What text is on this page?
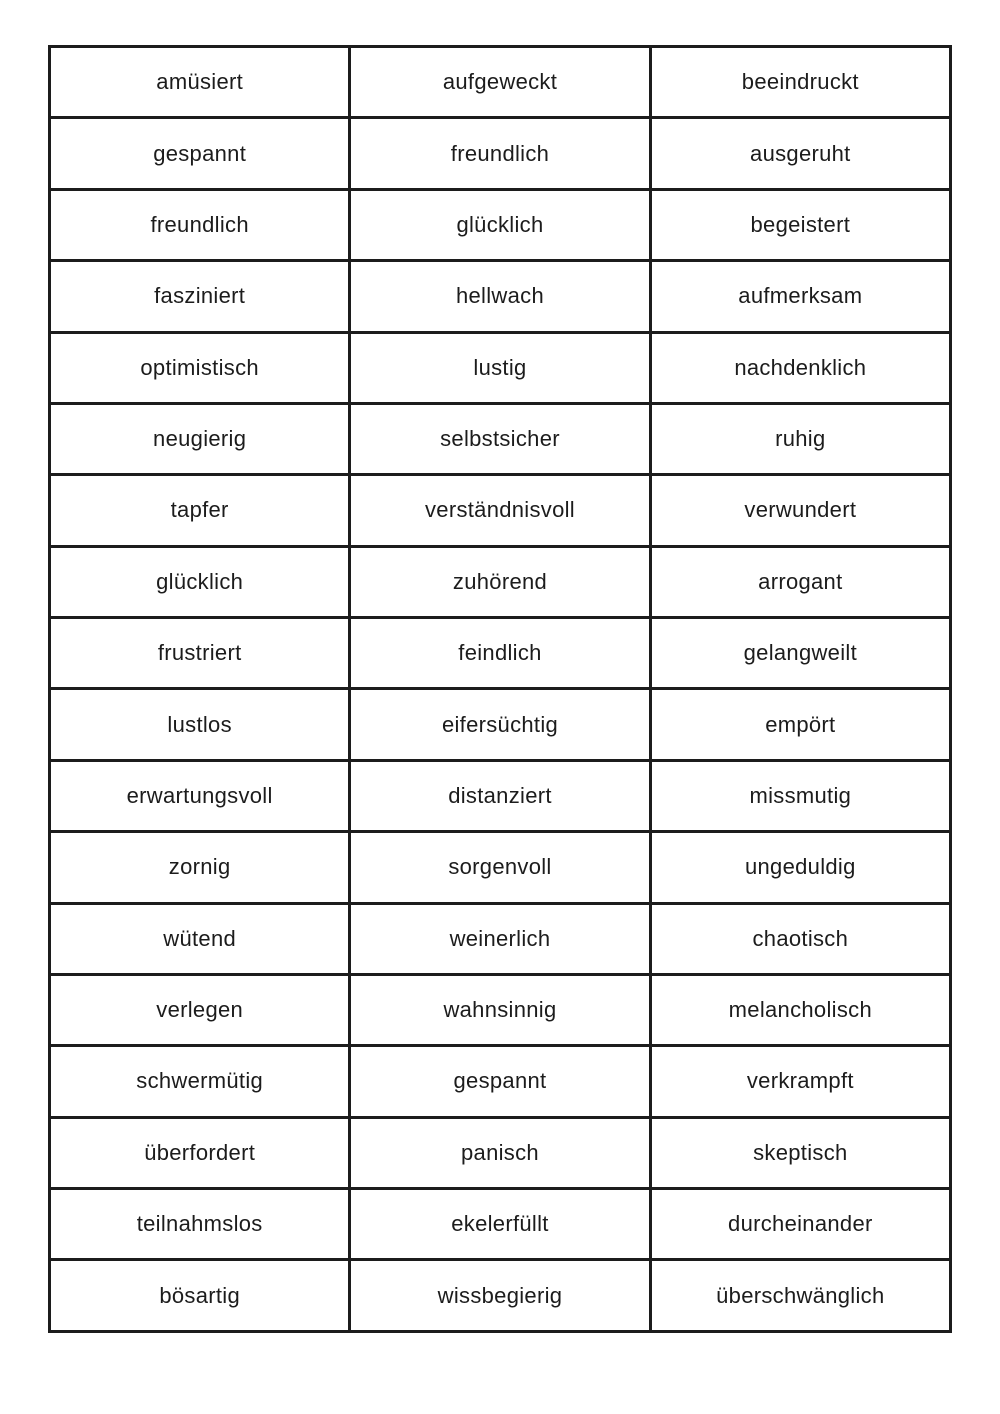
amüsiert	aufgeweckt	beeindruckt
gespannt	freundlich	ausgeruht
freundlich	glücklich	begeistert
fasziniert	hellwach	aufmerksam
optimistisch	lustig	nachdenklich
neugierig	selbstsicher	ruhig
tapfer	verständnisvoll	verwundert
glücklich	zuhörend	arrogant
frustriert	feindlich	gelangweilt
lustlos	eifersüchtig	empört
erwartungsvoll	distanziert	missmutig
zornig	sorgenvoll	ungeduldig
wütend	weinerlich	chaotisch
verlegen	wahnsinnig	melancholisch
schwermütig	gespannt	verkrampft
überfordert	panisch	skeptisch
teilnahmslos	ekelerfüllt	durcheinander
bösartig	wissbegierig	überschwänglich
